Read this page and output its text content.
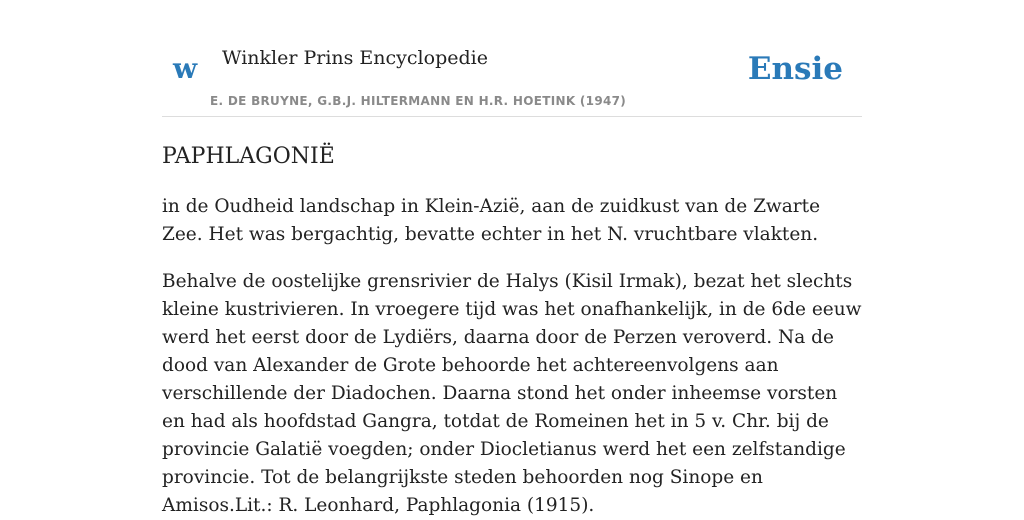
w Winkler Prins Encyclopedie
E. DE BRUYNE, G.B.J. HILTERMANN EN H.R. HOETINK (1947)
Ensie
PAPHLAGONIË

in de Oudheid landschap in Klein-Azië, aan de zuidkust van de Zwarte Zee. Het was bergachtig, bevatte echter in het N. vruchtbare vlakten.

Behalve de oostelijke grensrivier de Halys (Kisil Irmak), bezat het slechts kleine kustrivieren. In vroegere tijd was het onafhankelijk, in de 6de eeuw werd het eerst door de Lydiërs, daarna door de Perzen veroverd. Na de dood van Alexander de Grote behoorde het achtereenvolgens aan verschillende der Diadochen. Daarna stond het onder inheemse vorsten en had als hoofdstad Gangra, totdat de Romeinen het in 5 v. Chr. bij de provincie Galatië voegden; onder Diocletianus werd het een zelfstandige provincie. Tot de belangrijkste steden behoorden nog Sinope en Amisos.Lit.: R. Leonhard, Paphlagonia (1915).
